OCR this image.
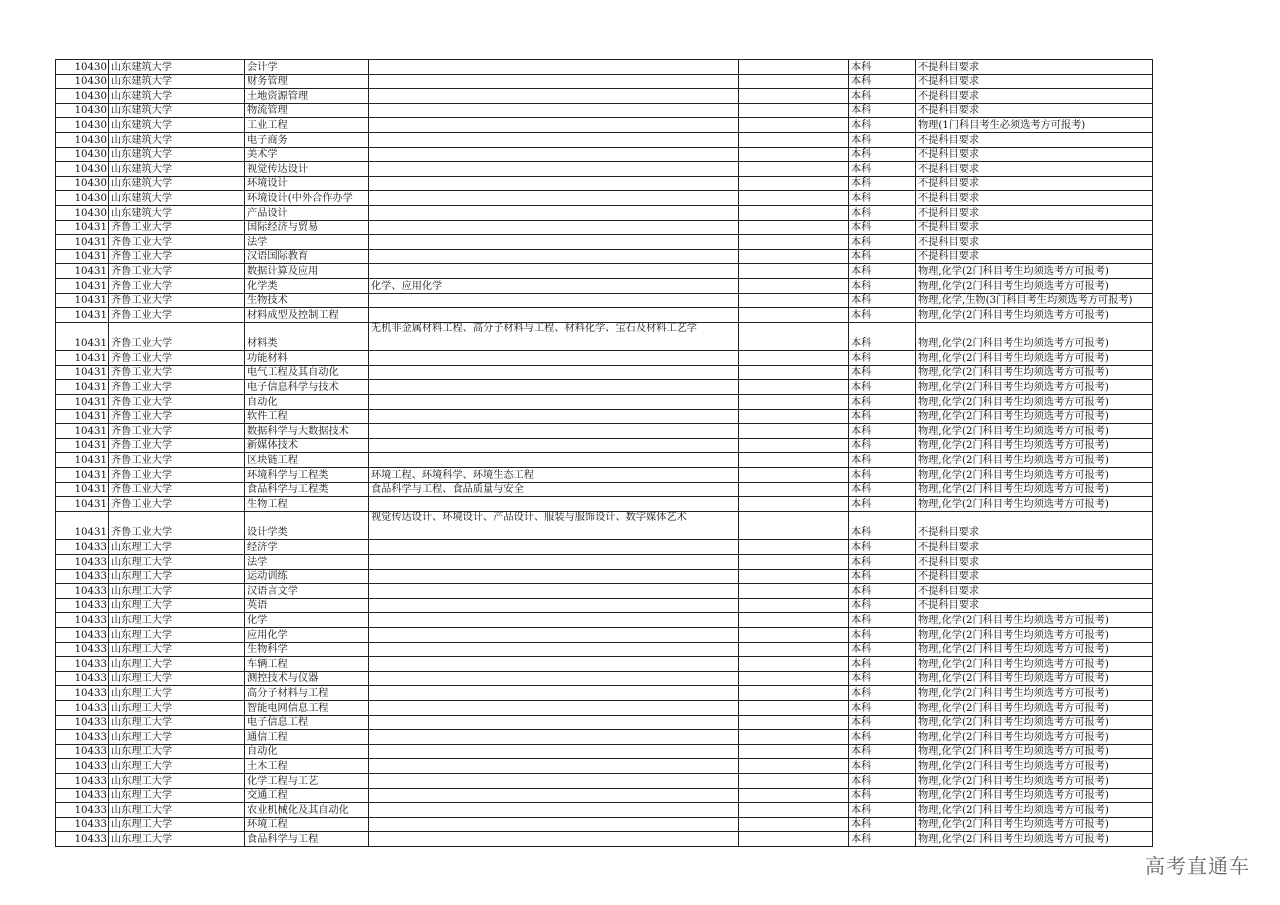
10430	山东建筑大学	会计学			本科	不提科目要求
10430	山东建筑大学	财务管理			本科	不提科目要求
10430	山东建筑大学	土地资源管理			本科	不提科目要求
10430	山东建筑大学	物流管理			本科	不提科目要求
10430	山东建筑大学	工业工程			本科	物理(1门科目考生必须选考方可报考)
10430	山东建筑大学	电子商务			本科	不提科目要求
10430	山东建筑大学	美术学			本科	不提科目要求
10430	山东建筑大学	视觉传达设计			本科	不提科目要求
10430	山东建筑大学	环境设计			本科	不提科目要求
10430	山东建筑大学	环境设计(中外合作办学			本科	不提科目要求
10430	山东建筑大学	产品设计			本科	不提科目要求
10431	齐鲁工业大学	国际经济与贸易			本科	不提科目要求
10431	齐鲁工业大学	法学			本科	不提科目要求
10431	齐鲁工业大学	汉语国际教育			本科	不提科目要求
10431	齐鲁工业大学	数据计算及应用			本科	物理,化学(2门科目考生均须选考方可报考)
10431	齐鲁工业大学	化学类	化学、应用化学		本科	物理,化学(2门科目考生均须选考方可报考)
10431	齐鲁工业大学	生物技术			本科	物理,化学,生物(3门科目考生均须选考方可报考)
10431	齐鲁工业大学	材料成型及控制工程			本科	物理,化学(2门科目考生均须选考方可报考)
10431	齐鲁工业大学	材料类	无机非金属材料工程、高分子材料与工程、材料化学、宝石及材料工艺学		本科	物理,化学(2门科目考生均须选考方可报考)
10431	齐鲁工业大学	功能材料			本科	物理,化学(2门科目考生均须选考方可报考)
10431	齐鲁工业大学	电气工程及其自动化			本科	物理,化学(2门科目考生均须选考方可报考)
10431	齐鲁工业大学	电子信息科学与技术			本科	物理,化学(2门科目考生均须选考方可报考)
10431	齐鲁工业大学	自动化			本科	物理,化学(2门科目考生均须选考方可报考)
10431	齐鲁工业大学	软件工程			本科	物理,化学(2门科目考生均须选考方可报考)
10431	齐鲁工业大学	数据科学与大数据技术			本科	物理,化学(2门科目考生均须选考方可报考)
10431	齐鲁工业大学	新媒体技术			本科	物理,化学(2门科目考生均须选考方可报考)
10431	齐鲁工业大学	区块链工程			本科	物理,化学(2门科目考生均须选考方可报考)
10431	齐鲁工业大学	环境科学与工程类	环境工程、环境科学、环境生态工程		本科	物理,化学(2门科目考生均须选考方可报考)
10431	齐鲁工业大学	食品科学与工程类	食品科学与工程、食品质量与安全		本科	物理,化学(2门科目考生均须选考方可报考)
10431	齐鲁工业大学	生物工程			本科	物理,化学(2门科目考生均须选考方可报考)
10431	齐鲁工业大学	设计学类	视觉传达设计、环境设计、产品设计、服装与服饰设计、数字媒体艺术		本科	不提科目要求
10433	山东理工大学	经济学			本科	不提科目要求
10433	山东理工大学	法学			本科	不提科目要求
10433	山东理工大学	运动训练			本科	不提科目要求
10433	山东理工大学	汉语言文学			本科	不提科目要求
10433	山东理工大学	英语			本科	不提科目要求
10433	山东理工大学	化学			本科	物理,化学(2门科目考生均须选考方可报考)
10433	山东理工大学	应用化学			本科	物理,化学(2门科目考生均须选考方可报考)
10433	山东理工大学	生物科学			本科	物理,化学(2门科目考生均须选考方可报考)
10433	山东理工大学	车辆工程			本科	物理,化学(2门科目考生均须选考方可报考)
10433	山东理工大学	测控技术与仪器			本科	物理,化学(2门科目考生均须选考方可报考)
10433	山东理工大学	高分子材料与工程			本科	物理,化学(2门科目考生均须选考方可报考)
10433	山东理工大学	智能电网信息工程			本科	物理,化学(2门科目考生均须选考方可报考)
10433	山东理工大学	电子信息工程			本科	物理,化学(2门科目考生均须选考方可报考)
10433	山东理工大学	通信工程			本科	物理,化学(2门科目考生均须选考方可报考)
10433	山东理工大学	自动化			本科	物理,化学(2门科目考生均须选考方可报考)
10433	山东理工大学	土木工程			本科	物理,化学(2门科目考生均须选考方可报考)
10433	山东理工大学	化学工程与工艺			本科	物理,化学(2门科目考生均须选考方可报考)
10433	山东理工大学	交通工程			本科	物理,化学(2门科目考生均须选考方可报考)
10433	山东理工大学	农业机械化及其自动化			本科	物理,化学(2门科目考生均须选考方可报考)
10433	山东理工大学	环境工程			本科	物理,化学(2门科目考生均须选考方可报考)
10433	山东理工大学	食品科学与工程			本科	物理,化学(2门科目考生均须选考方可报考)
高考直通车
